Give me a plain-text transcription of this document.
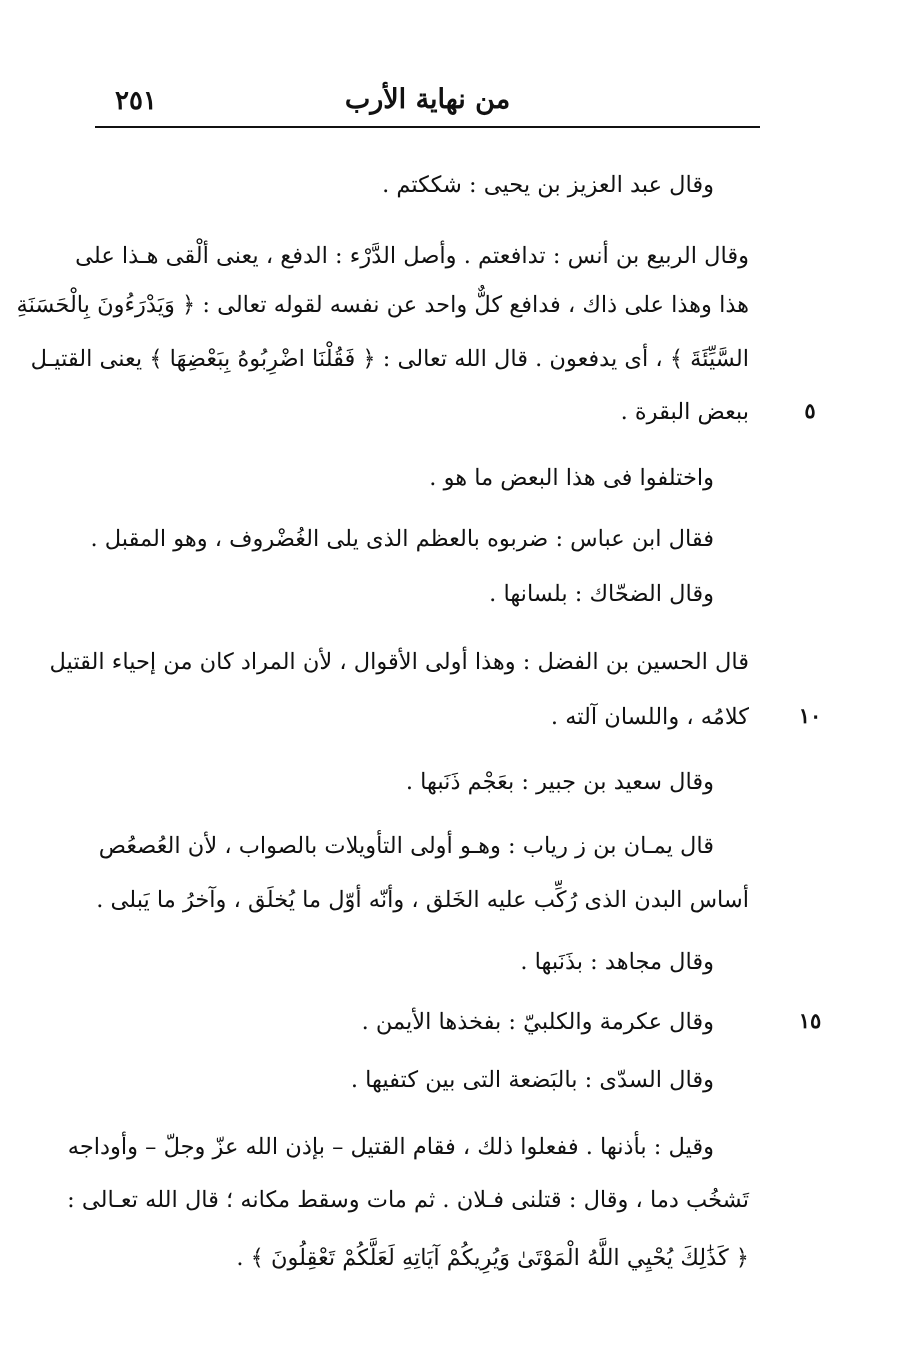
٢٥١	من نهاية الأرب
وقال عبد العزيز بن يحيى : شككتم .
وقال الربيع بن أنس : تدافعتم . وأصل الدَّرْء : الدفع ، يعنى ألْقى هـذا على
هذا وهذا على ذاك ، فدافع كلٌّ واحد عن نفسه لقوله تعالى : ﴿ وَيَدْرَءُونَ بِالْحَسَنَةِ
السَّيِّئَةَ ﴾ ، أى يدفعون . قال الله تعالى : ﴿ فَقُلْنَا اضْرِبُوهُ بِبَعْضِهَا ﴾ يعنى القتيـل
ببعض البقرة .
واختلفوا فى هذا البعض ما هو .
فقال ابن عباس : ضربوه بالعظم الذى يلى الغُضْروف ، وهو المقبل .
وقال الضحّاك : بلسانها .
قال الحسين بن الفضل : وهذا أولى الأقوال ، لأن المراد كان من إحياء القتيل
كلامُه ، واللسان آلته .
وقال سعيد بن جبير : بعَجْم ذَنَبها .
قال يمـان بن ز رياب : وهـو أولى التأويلات بالصواب ، لأن العُصعُص
أساس البدن الذى رُكِّب عليه الخَلق ، وأنّه أوّل ما يُخلَق ، وآخرُ ما يَبلى .
وقال مجاهد : بذَنَبها .
وقال عكرمة والكلبيّ : بفخذها الأيمن .
وقال السدّى : بالبَضعة التى بين كتفيها .
وقيل : بأذنها . ففعلوا ذلك ، فقام القتيل – بإذن الله عزّ وجلّ – وأوداجه
تَشخُب دما ، وقال : قتلنى فـلان . ثم مات وسقط مكانه ؛ قال الله تعـالى :
﴿ كَذَٰلِكَ يُحْيِي اللَّهُ الْمَوْتَىٰ وَيُرِيكُمْ آيَاتِهِ لَعَلَّكُمْ تَعْقِلُونَ ﴾ .
٥
١٠
١٥
